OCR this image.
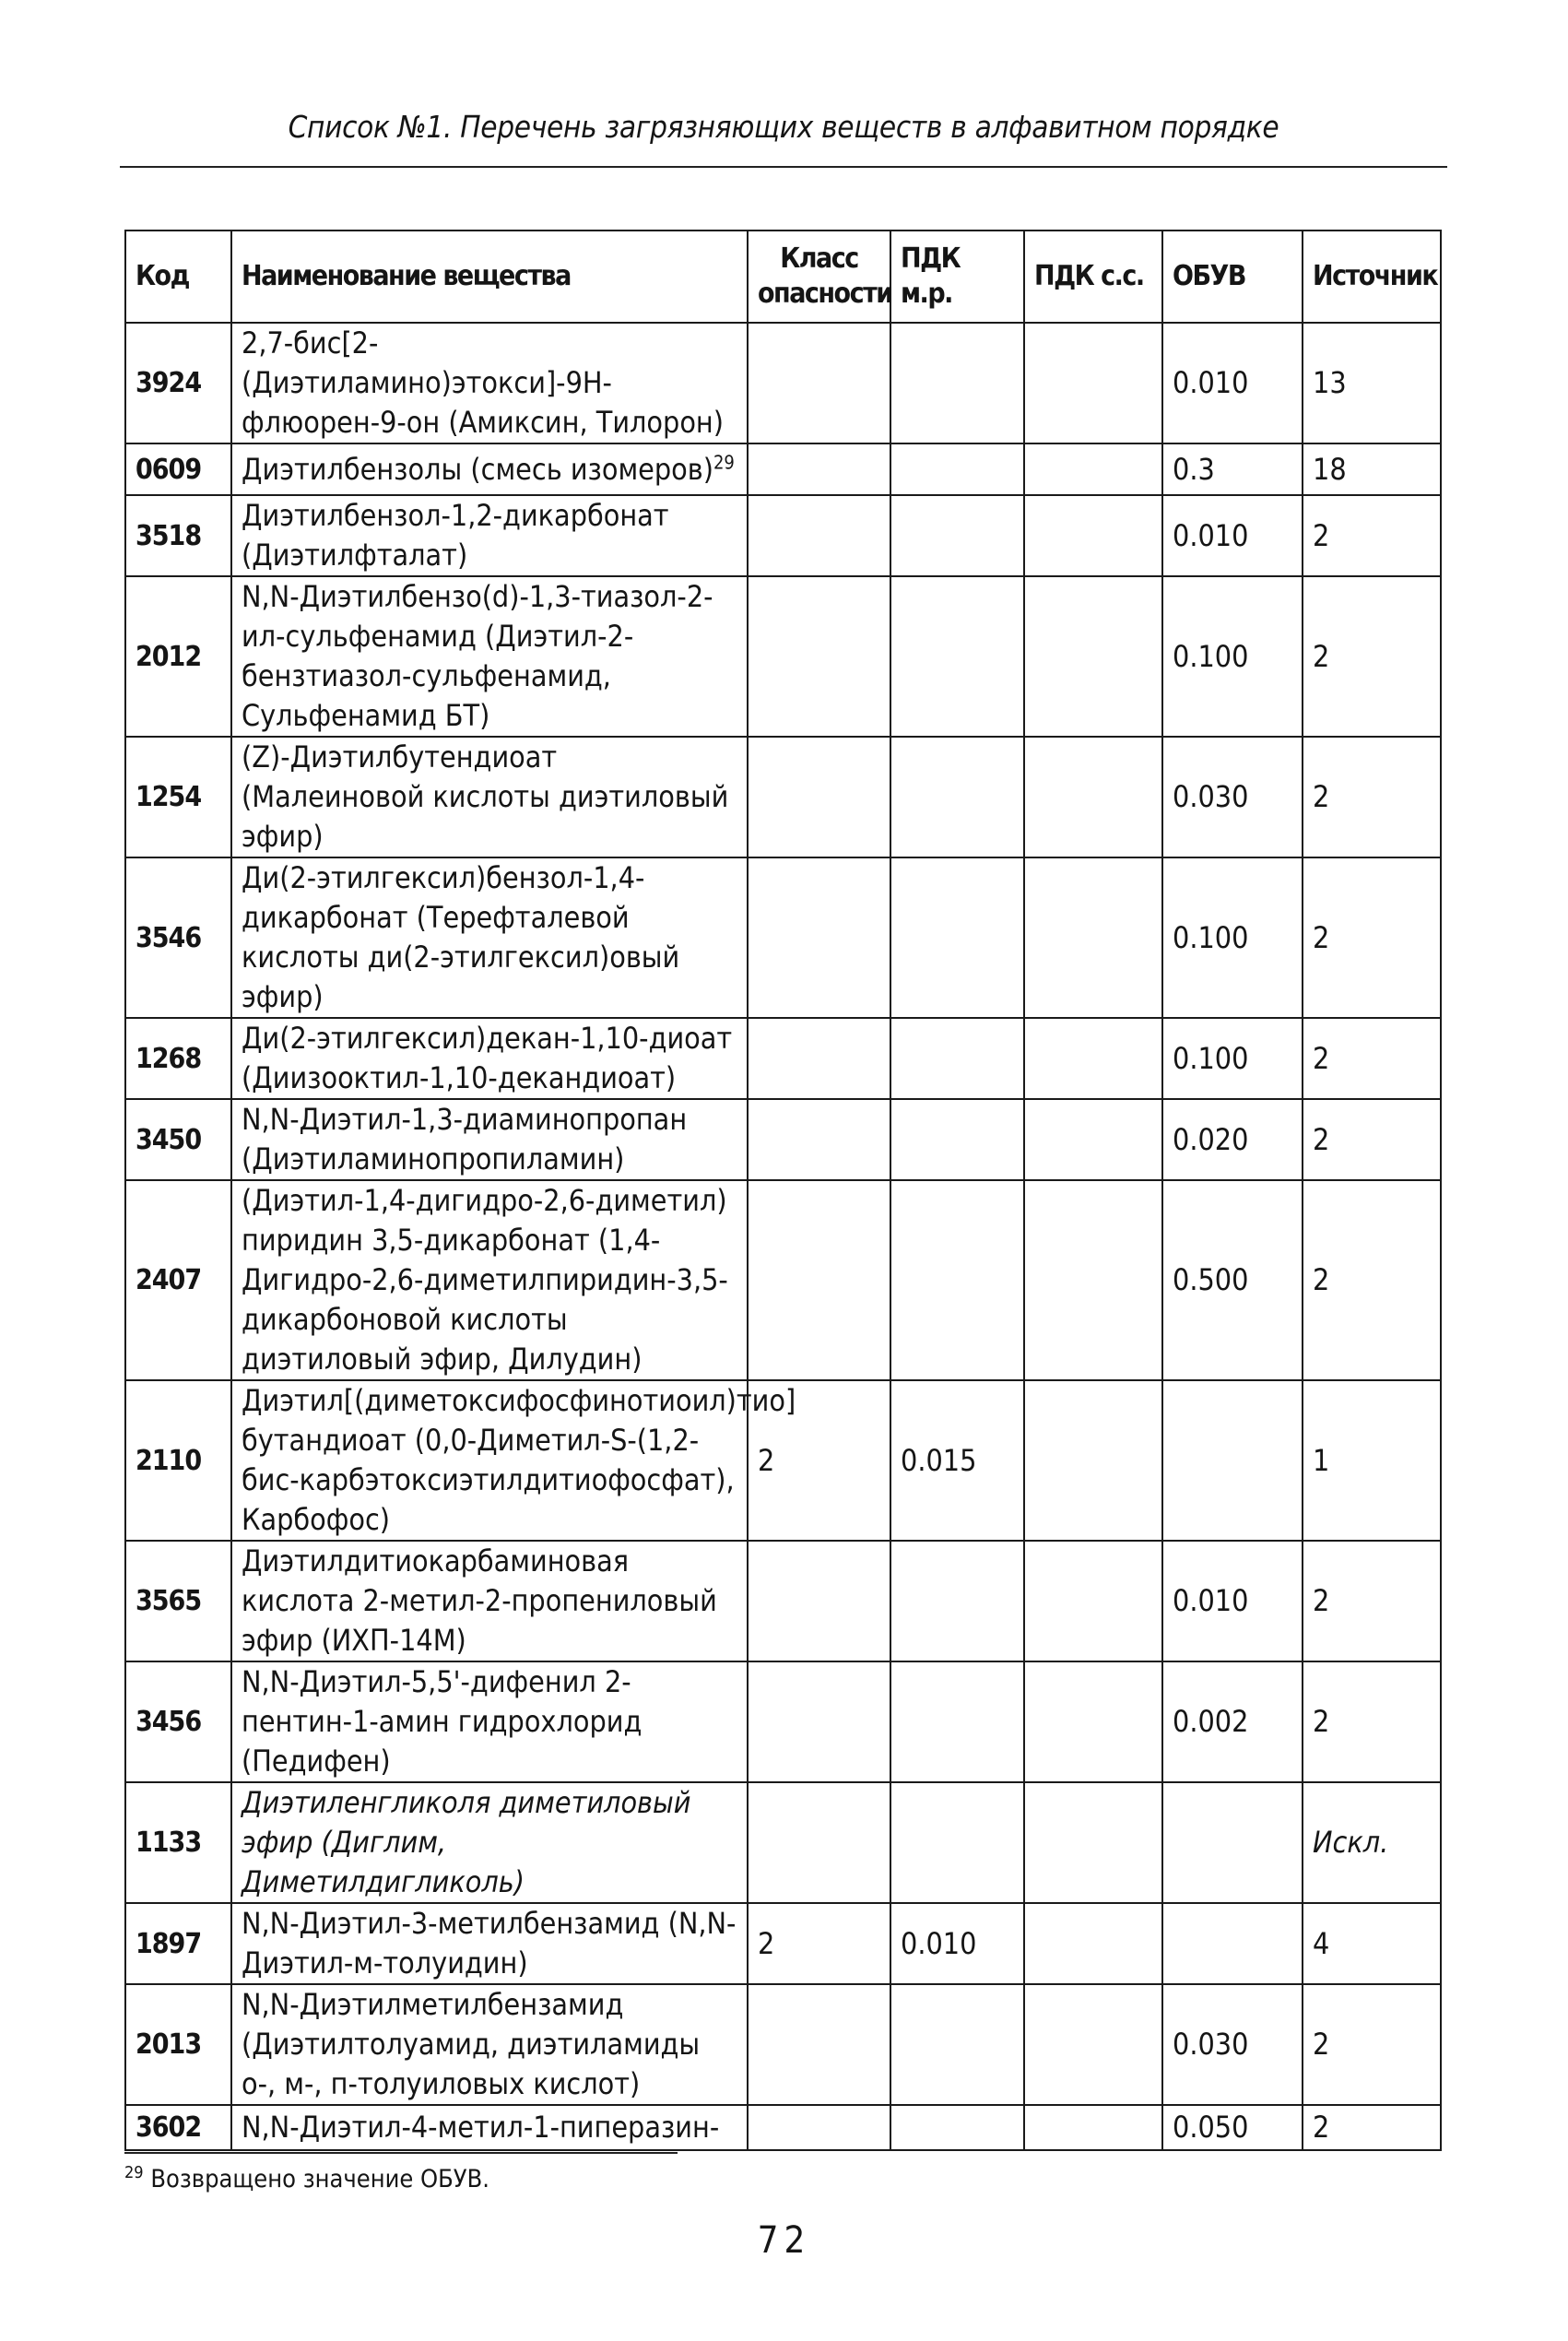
Список №1. Перечень загрязняющих веществ в алфавитном порядке
Код	Наименование вещества	Класс опасности	ПДК м.р.	ПДК с.с.	ОБУВ	Источник
3924	2,7-бис[2-(Диэтиламино)этокси]-9Н-флюорен-9-он (Амиксин, Тилорон)				0.010	13
0609	Диэтилбензолы (смесь изомеров)$^{29}$				0.3	18
3518	Диэтилбензол-1,2-дикарбонат (Диэтилфталат)				0.010	2
2012	N,N-Диэтилбензо(d)-1,3-тиазол-2-ил-сульфенамид (Диэтил-2-бензтиазол-сульфенамид, Сульфенамид БТ)				0.100	2
1254	(Z)-Диэтилбутендиоат (Малеиновой кислоты диэтиловый эфир)				0.030	2
3546	Ди(2-этилгексил)бензол-1,4-дикарбонат (Терефталевой кислоты ди(2-этилгексил)овый эфир)				0.100	2
1268	Ди(2-этилгексил)декан-1,10-диоат (Диизооктил-1,10-декандиоат)				0.100	2
3450	N,N-Диэтил-1,3-диаминопропан (Диэтиламинопропиламин)				0.020	2
2407	(Диэтил-1,4-дигидро-2,6-диметил) пиридин 3,5-дикарбонат (1,4-Дигидро-2,6-диметилпиридин-3,5-дикарбоновой кислоты диэтиловый эфир, Дилудин)				0.500	2
2110	Диэтил[(диметоксифосфинотиоил)тио] бутандиоат (0,0-Диметил-S-(1,2-бис-карбэтоксиэтилдитиофосфат), Карбофос)	2	0.015			1
3565	Диэтилдитиокарбаминовая кислота 2-метил-2-пропениловый эфир (ИХП-14М)				0.010	2
3456	N,N-Диэтил-5,5'-дифенил 2-пентин-1-амин гидрохлорид (Педифен)				0.002	2
1133	Диэтиленгликоля диметиловый эфир (Диглим, Диметилдигликоль)					Искл.
1897	N,N-Диэтил-3-метилбензамид (N,N-Диэтил-м-толуидин)	2	0.010			4
2013	N,N-Диэтилметилбензамид (Диэтилтолуамид, диэтиламиды о-, м-, п-толуиловых кислот)				0.030	2
3602	N,N-Диэтил-4-метил-1-пиперазин-				0.050	2
$^{29}$ Возвращено значение ОБУВ.
72
